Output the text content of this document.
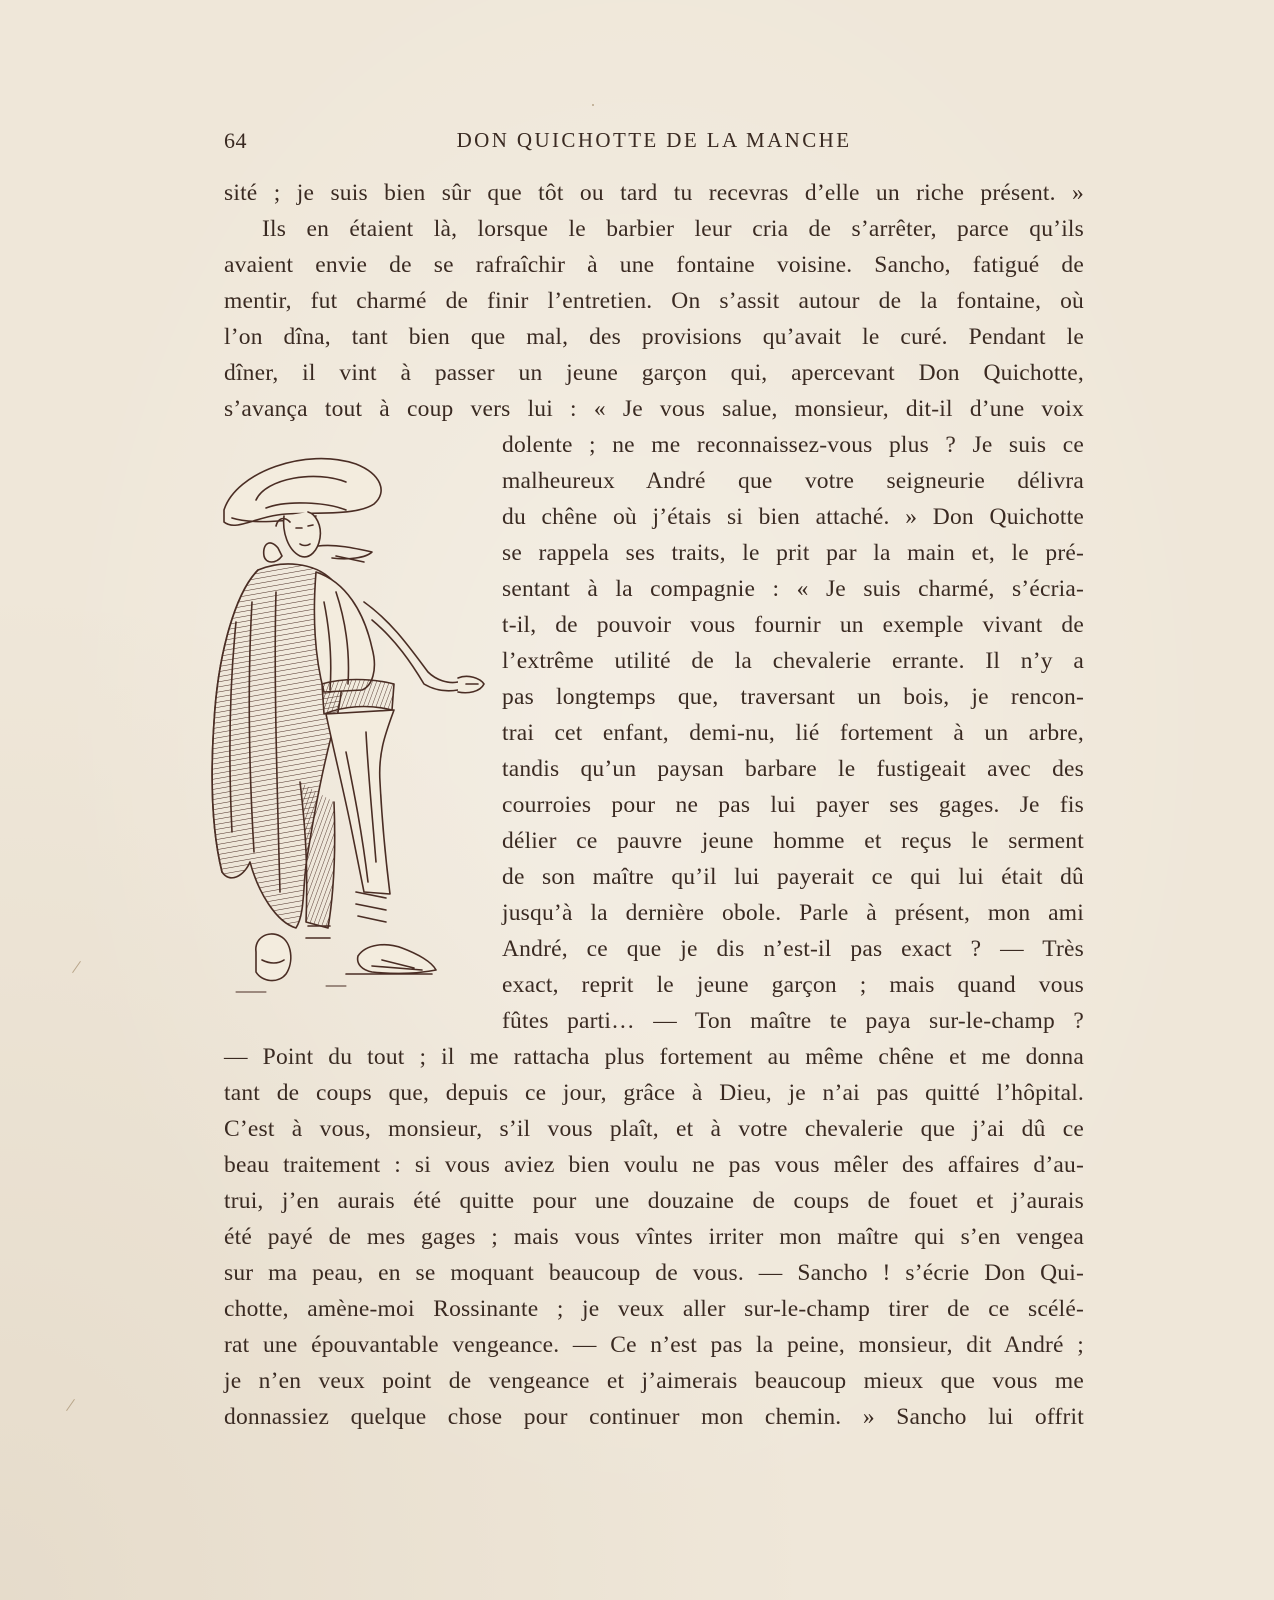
64	DON QUICHOTTE DE LA MANCHE
sité ; je suis bien sûr que tôt ou tard tu recevras d’elle un riche présent. »
Ils en étaient là, lorsque le barbier leur cria de s’arrêter, parce qu’ils
avaient envie de se rafraîchir à une fontaine voisine. Sancho, fatigué de
mentir, fut charmé de finir l’entretien. On s’assit autour de la fontaine, où
l’on dîna, tant bien que mal, des provisions qu’avait le curé. Pendant le
dîner, il vint à passer un jeune garçon qui, apercevant Don Quichotte,
s’avança tout à coup vers lui : « Je vous salue, monsieur, dit-il d’une voix
dolente ; ne me reconnaissez-vous plus ? Je suis ce
malheureux André que votre seigneurie délivra
du chêne où j’étais si bien attaché. » Don Quichotte
se rappela ses traits, le prit par la main et, le pré-
sentant à la compagnie : « Je suis charmé, s’écria-
t-il, de pouvoir vous fournir un exemple vivant de
l’extrême utilité de la chevalerie errante. Il n’y a
pas longtemps que, traversant un bois, je rencon-
trai cet enfant, demi-nu, lié fortement à un arbre,
tandis qu’un paysan barbare le fustigeait avec des
courroies pour ne pas lui payer ses gages. Je fis
délier ce pauvre jeune homme et reçus le serment
de son maître qu’il lui payerait ce qui lui était dû
jusqu’à la dernière obole. Parle à présent, mon ami
André, ce que je dis n’est-il pas exact ? — Très
exact, reprit le jeune garçon ; mais quand vous
fûtes parti… — Ton maître te paya sur-le-champ ?
— Point du tout ; il me rattacha plus fortement au même chêne et me donna
tant de coups que, depuis ce jour, grâce à Dieu, je n’ai pas quitté l’hôpital.
C’est à vous, monsieur, s’il vous plaît, et à votre chevalerie que j’ai dû ce
beau traitement : si vous aviez bien voulu ne pas vous mêler des affaires d’au-
trui, j’en aurais été quitte pour une douzaine de coups de fouet et j’aurais
été payé de mes gages ; mais vous vîntes irriter mon maître qui s’en vengea
sur ma peau, en se moquant beaucoup de vous. — Sancho ! s’écrie Don Qui-
chotte, amène-moi Rossinante ; je veux aller sur-le-champ tirer de ce scélé-
rat une épouvantable vengeance. — Ce n’est pas la peine, monsieur, dit André ;
je n’en veux point de vengeance et j’aimerais beaucoup mieux que vous me
donnassiez quelque chose pour continuer mon chemin. » Sancho lui offrit
